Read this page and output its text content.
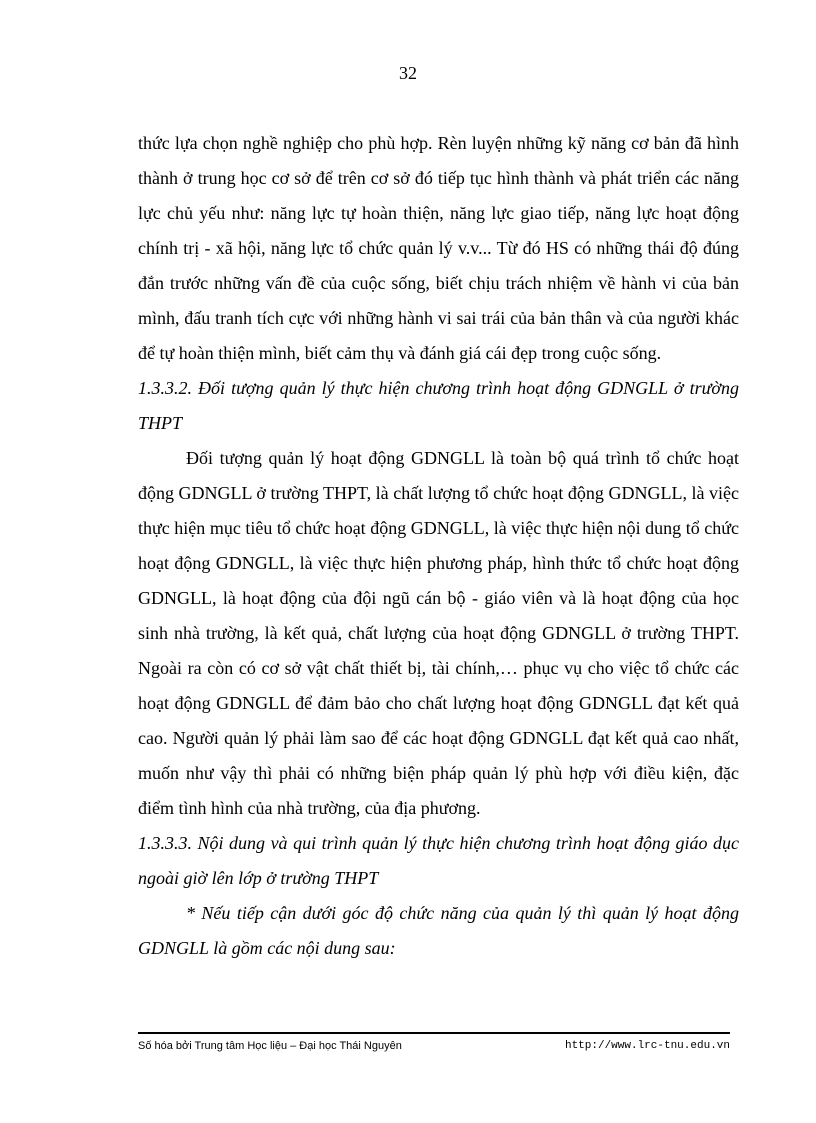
32

thức lựa chọn nghề nghiệp cho phù hợp. Rèn luyện những kỹ năng cơ bản đã hình thành ở trung học cơ sở để trên cơ sở đó tiếp tục hình thành và phát triển các năng lực chủ yếu như: năng lực tự hoàn thiện, năng lực giao tiếp, năng lực hoạt động chính trị - xã hội, năng lực tổ chức quản lý v.v... Từ đó HS có những thái độ đúng đắn trước những vấn đề của cuộc sống, biết chịu trách nhiệm về hành vi của bản mình, đấu tranh tích cực với những hành vi sai trái của bản thân và của người khác để tự hoàn thiện mình, biết cảm thụ và đánh giá cái đẹp trong cuộc sống.

1.3.3.2. Đối tượng quản lý thực hiện chương trình hoạt động GDNGLL ở trường THPT

Đối tượng quản lý hoạt động GDNGLL là toàn bộ quá trình tổ chức hoạt động GDNGLL ở trường THPT, là chất lượng tổ chức hoạt động GDNGLL, là việc thực hiện mục tiêu tổ chức hoạt động GDNGLL, là việc thực hiện nội dung tổ chức hoạt động GDNGLL, là việc thực hiện phương pháp, hình thức tổ chức hoạt động GDNGLL, là hoạt động của đội ngũ cán bộ - giáo viên và là hoạt động của học sinh nhà trường, là kết quả, chất lượng của hoạt động GDNGLL ở trường THPT. Ngoài ra còn có cơ sở vật chất thiết bị, tài chính,… phục vụ cho việc tổ chức các hoạt động GDNGLL để đảm bảo cho chất lượng hoạt động GDNGLL đạt kết quả cao. Người quản lý phải làm sao để các hoạt động GDNGLL đạt kết quả cao nhất, muốn như vậy thì phải có những biện pháp quản lý phù hợp với điều kiện, đặc điểm tình hình của nhà trường, của địa phương.

1.3.3.3. Nội dung và qui trình quản lý thực hiện chương trình hoạt động giáo dục ngoài giờ lên lớp ở trường THPT

* Nếu tiếp cận dưới góc độ chức năng của quản lý thì quản lý hoạt động GDNGLL là gồm các nội dung sau:

Số hóa bởi Trung tâm Học liệu – Đại học Thái Nguyên	http://www.lrc-tnu.edu.vn
